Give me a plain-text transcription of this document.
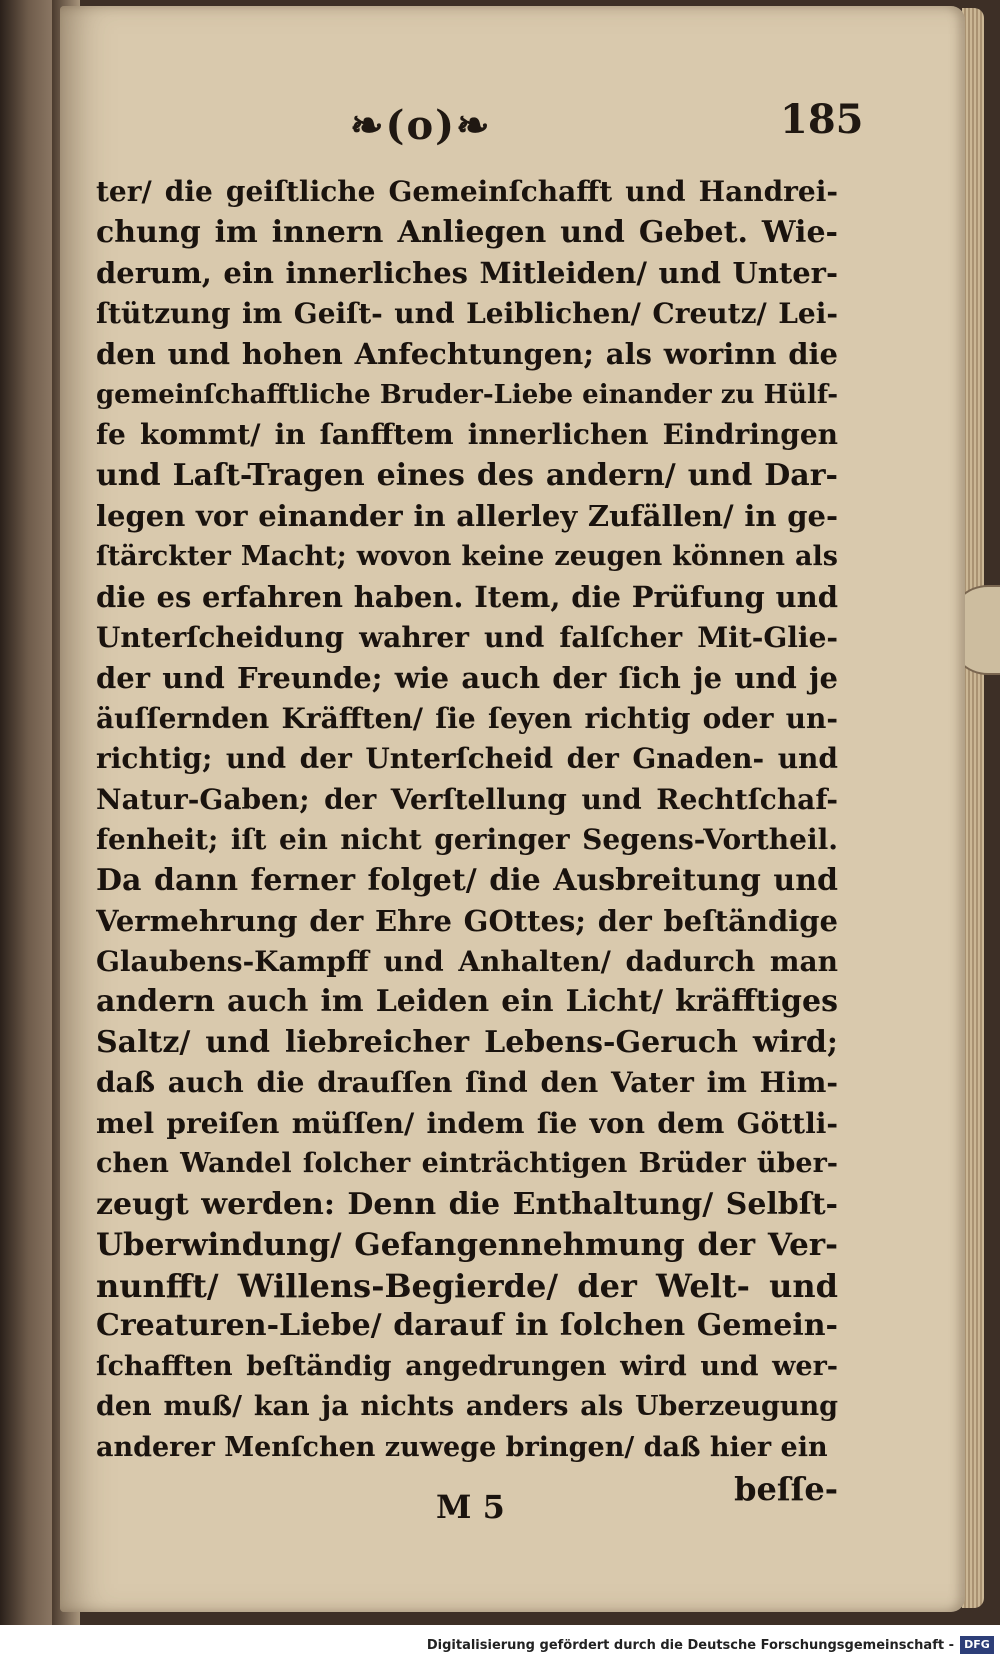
❧(o)❧	185
ter/ die geiſtliche Gemeinſchafft und Handrei-
chung im innern Anliegen und Gebet. Wie-
derum, ein innerliches Mitleiden/ und Unter-
ſtützung im Geiſt- und Leiblichen/ Creutz/ Lei-
den und hohen Anfechtungen; als worinn die
gemeinſchafftliche Bruder-Liebe einander zu Hülf-
fe kommt/ in ſanfftem innerlichen Eindringen
und Laſt-Tragen eines des andern/ und Dar-
legen vor einander in allerley Zufällen/ in ge-
ſtärckter Macht; wovon keine zeugen können als
die es erfahren haben. Item, die Prüfung und
Unterſcheidung wahrer und falſcher Mit-Glie-
der und Freunde; wie auch der ſich je und je
äuſſernden Kräfften/ ſie ſeyen richtig oder un-
richtig; und der Unterſcheid der Gnaden- und
Natur-Gaben; der Verſtellung und Rechtſchaf-
fenheit; iſt ein nicht geringer Segens-Vortheil.
Da dann ferner folget/ die Ausbreitung und
Vermehrung der Ehre GOttes; der beſtändige
Glaubens-Kampff und Anhalten/ dadurch man
andern auch im Leiden ein Licht/ kräfftiges
Saltz/ und liebreicher Lebens-Geruch wird;
daß auch die drauſſen ſind den Vater im Him-
mel preiſen müſſen/ indem ſie von dem Göttli-
chen Wandel ſolcher einträchtigen Brüder über-
zeugt werden: Denn die Enthaltung/ Selbſt-
Uberwindung/ Gefangennehmung der Ver-
nunfft/ Willens-Begierde/ der Welt- und
Creaturen-Liebe/ darauf in ſolchen Gemein-
ſchafften beſtändig angedrungen wird und wer-
den muß/ kan ja nichts anders als Uberzeugung
anderer Menſchen zuwege bringen/ daß hier ein
M 5	beſſe-
Digitalisierung gefördert durch die Deutsche Forschungsgemeinschaft - DFG
